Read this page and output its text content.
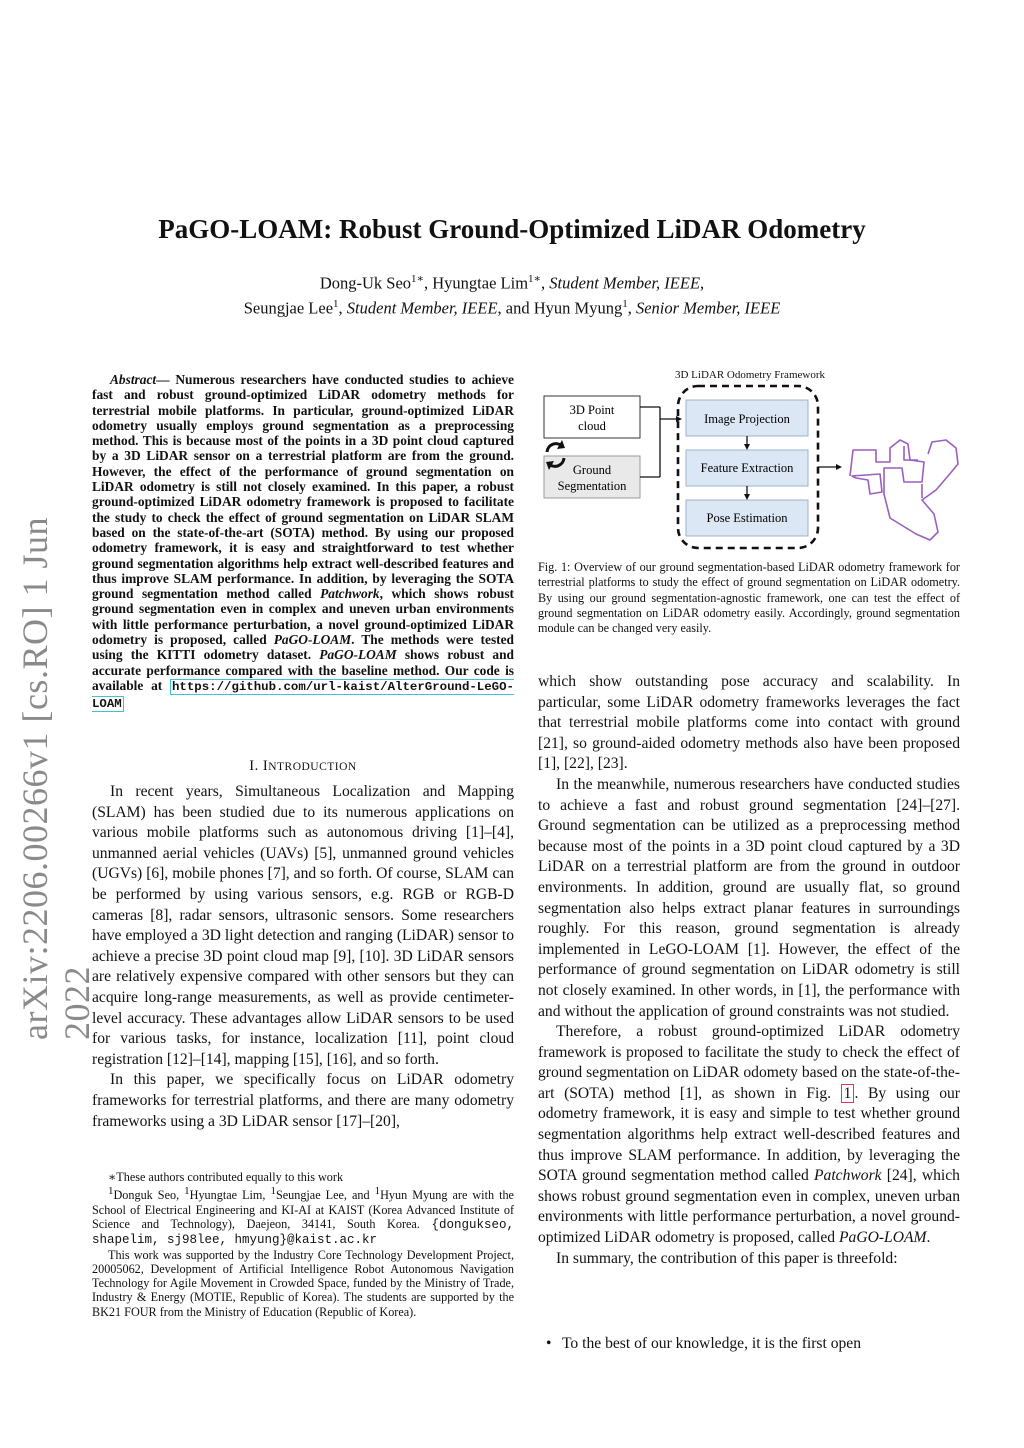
PaGO-LOAM: Robust Ground-Optimized LiDAR Odometry
Dong-Uk Seo$^{1∗}$, Hyungtae Lim$^{1∗}$, Student Member, IEEE,
Seungjae Lee$^1$, Student Member, IEEE, and Hyun Myung$^1$, Senior Member, IEEE
arXiv:2206.00266v1 [cs.RO] 1 Jun 2022
Abstract— Numerous researchers have conducted studies to achieve fast and robust ground-optimized LiDAR odometry methods for terrestrial mobile platforms. In particular, ground-optimized LiDAR odometry usually employs ground segmentation as a preprocessing method. This is because most of the points in a 3D point cloud captured by a 3D LiDAR sensor on a terrestrial platform are from the ground. However, the effect of the performance of ground segmentation on LiDAR odometry is still not closely examined. In this paper, a robust ground-optimized LiDAR odometry framework is proposed to facilitate the study to check the effect of ground segmentation on LiDAR SLAM based on the state-of-the-art (SOTA) method. By using our proposed odometry framework, it is easy and straightforward to test whether ground segmentation algorithms help extract well-described features and thus improve SLAM performance. In addition, by leveraging the SOTA ground segmentation method called Patchwork, which shows robust ground segmentation even in complex and uneven urban environments with little performance perturbation, a novel ground-optimized LiDAR odometry is proposed, called PaGO-LOAM. The methods were tested using the KITTI odometry dataset. PaGO-LOAM shows robust and accurate performance compared with the baseline method. Our code is available at https://github.com/url-kaist/AlterGround-LeGO-LOAM
I. INTRODUCTION

In recent years, Simultaneous Localization and Mapping (SLAM) has been studied due to its numerous applications on various mobile platforms such as autonomous driving [1]–[4], unmanned aerial vehicles (UAVs) [5], unmanned ground vehicles (UGVs) [6], mobile phones [7], and so forth. Of course, SLAM can be performed by using various sensors, e.g. RGB or RGB-D cameras [8], radar sensors, ultrasonic sensors. Some researchers have employed a 3D light detection and ranging (LiDAR) sensor to achieve a precise 3D point cloud map [9], [10]. 3D LiDAR sensors are relatively expensive compared with other sensors but they can acquire long-range measurements, as well as provide centimeter-level accuracy. These advantages allow LiDAR sensors to be used for various tasks, for instance, localization [11], point cloud registration [12]–[14], mapping [15], [16], and so forth.

In this paper, we specifically focus on LiDAR odometry frameworks for terrestrial platforms, and there are many odometry frameworks using a 3D LiDAR sensor [17]–[20],

∗These authors contributed equally to this work
$^1$Donguk Seo, $^1$Hyungtae Lim, $^1$Seungjae Lee, and $^1$Hyun Myung are with the School of Electrical Engineering and KI-AI at KAIST (Korea Advanced Institute of Science and Technology), Daejeon, 34141, South Korea. {dongukseo, shapelim, sj98lee, hmyung}@kaist.ac.kr
This work was supported by the Industry Core Technology Development Project, 20005062, Development of Artificial Intelligence Robot Autonomous Navigation Technology for Agile Movement in Crowded Space, funded by the Ministry of Trade, Industry & Energy (MOTIE, Republic of Korea). The students are supported by the BK21 FOUR from the Ministry of Education (Republic of Korea).
3D LiDAR Odometry Framework
3D Point
cloud
Ground
Segmentation
Image Projection
Feature Extraction
Pose Estimation
Fig. 1: Overview of our ground segmentation-based LiDAR odometry framework for terrestrial platforms to study the effect of ground segmentation on LiDAR odometry. By using our ground segmentation-agnostic framework, one can test the effect of ground segmentation on LiDAR odometry easily. Accordingly, ground segmentation module can be changed very easily.

which show outstanding pose accuracy and scalability. In particular, some LiDAR odometry frameworks leverages the fact that terrestrial mobile platforms come into contact with ground [21], so ground-aided odometry methods also have been proposed [1], [22], [23].

In the meanwhile, numerous researchers have conducted studies to achieve a fast and robust ground segmentation [24]–[27]. Ground segmentation can be utilized as a preprocessing method because most of the points in a 3D point cloud captured by a 3D LiDAR on a terrestrial platform are from the ground in outdoor environments. In addition, ground are usually flat, so ground segmentation also helps extract planar features in surroundings roughly. For this reason, ground segmentation is already implemented in LeGO-LOAM [1]. However, the effect of the performance of ground segmentation on LiDAR odometry is still not closely examined. In other words, in [1], the performance with and without the application of ground constraints was not studied.

Therefore, a robust ground-optimized LiDAR odometry framework is proposed to facilitate the study to check the effect of ground segmentation on LiDAR odomety based on the state-of-the-art (SOTA) method [1], as shown in Fig. 1 . By using our odometry framework, it is easy and simple to test whether ground segmentation algorithms help extract well-described features and thus improve SLAM performance. In addition, by leveraging the SOTA ground segmentation method called Patchwork [24], which shows robust ground segmentation even in complex, uneven urban environments with little performance perturbation, a novel ground-optimized LiDAR odometry is proposed, called PaGO-LOAM.

In summary, the contribution of this paper is threefold:

• To the best of our knowledge, it is the first open
